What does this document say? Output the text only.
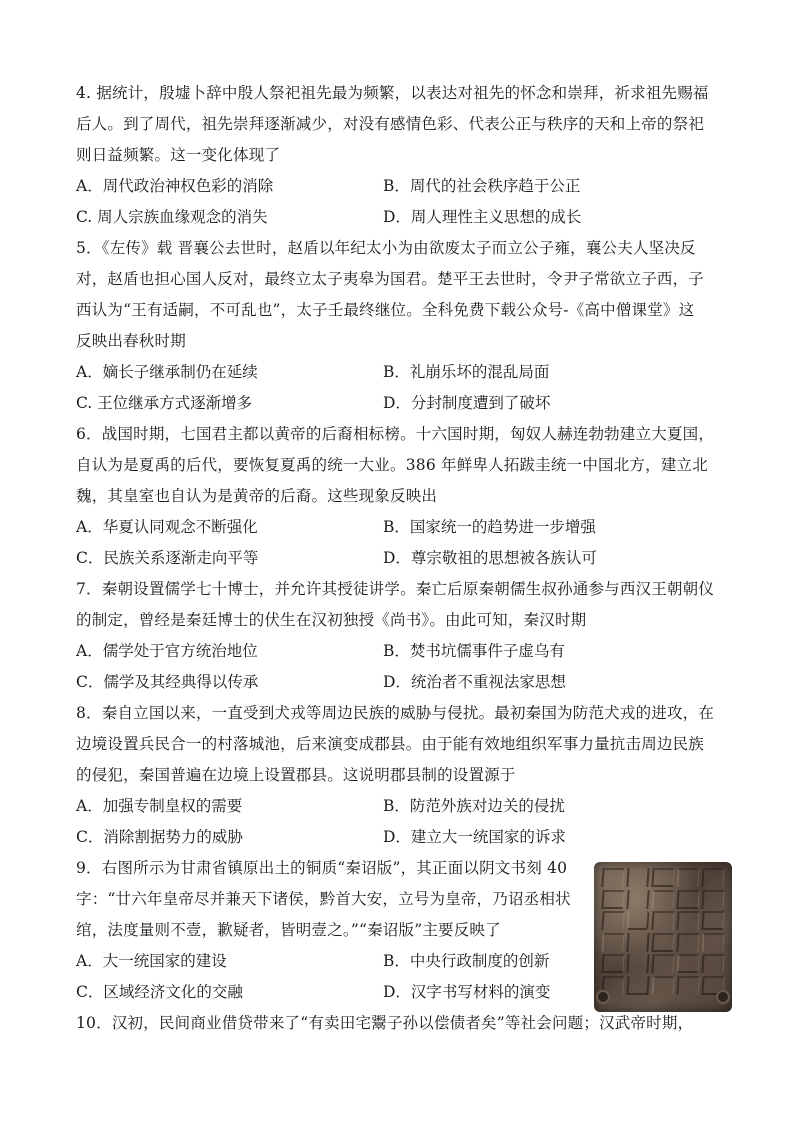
4. 据统计，殷墟卜辞中殷人祭祀祖先最为频繁，以表达对祖先的怀念和崇拜，祈求祖先赐福
后人。到了周代，祖先崇拜逐渐减少，对没有感情色彩、代表公正与秩序的天和上帝的祭祀
则日益频繁。这一变化体现了
A．周代政治神权色彩的消除	B．周代的社会秩序趋于公正
C. 周人宗族血缘观念的消失	D．周人理性主义思想的成长
5．《左传》载 晋襄公去世时，赵盾以年纪太小为由欲废太子而立公子雍，襄公夫人坚决反
对，赵盾也担心国人反对，最终立太子夷皋为国君。楚平王去世时，令尹子常欲立子西，子
西认为“王有适嗣，不可乱也”，太子壬最终继位。全科免费下载公众号-《高中僧课堂》这
反映出春秋时期
A．嫡长子继承制仍在延续	B．礼崩乐坏的混乱局面
C. 王位继承方式逐渐增多	D．分封制度遭到了破坏
6．战国时期，七国君主都以黄帝的后裔相标榜。十六国时期，匈奴人赫连勃勃建立大夏国，
自认为是夏禹的后代，要恢复夏禹的统一大业。386 年鲜卑人拓跋圭统一中国北方，建立北
魏，其皇室也自认为是黄帝的后裔。这些现象反映出
A．华夏认同观念不断强化	B．国家统一的趋势进一步增强
C．民族关系逐渐走向平等	D．尊宗敬祖的思想被各族认可
7．秦朝设置儒学七十博士，并允许其授徒讲学。秦亡后原秦朝儒生叔孙通参与西汉王朝朝仪
的制定，曾经是秦廷博士的伏生在汉初独授《尚书》。由此可知，秦汉时期
A．儒学处于官方统治地位	B．焚书坑儒事件子虚乌有
C．儒学及其经典得以传承	D．统治者不重视法家思想
8．秦自立国以来，一直受到犬戎等周边民族的威胁与侵扰。最初秦国为防范犬戎的进攻，在
边境设置兵民合一的村落城池，后来演变成郡县。由于能有效地组织军事力量抗击周边民族
的侵犯，秦国普遍在边境上设置郡县。这说明郡县制的设置源于
A．加强专制皇权的需要	B．防范外族对边关的侵扰
C．消除割据势力的威胁	D．建立大一统国家的诉求
9．右图所示为甘肃省镇原出土的铜质“秦诏版”，其正面以阴文书刻 40
字：“廿六年皇帝尽并兼天下诸侯，黔首大安，立号为皇帝，乃诏丞相状
绾，法度量则不壹，歉疑者，皆明壹之。”“秦诏版”主要反映了
A．大一统国家的建设	B．中央行政制度的创新
C．区域经济文化的交融	D．汉字书写材料的演变
10．汉初，民间商业借贷带来了“有卖田宅鬻子孙以偿债者矣”等社会问题；汉武帝时期，
